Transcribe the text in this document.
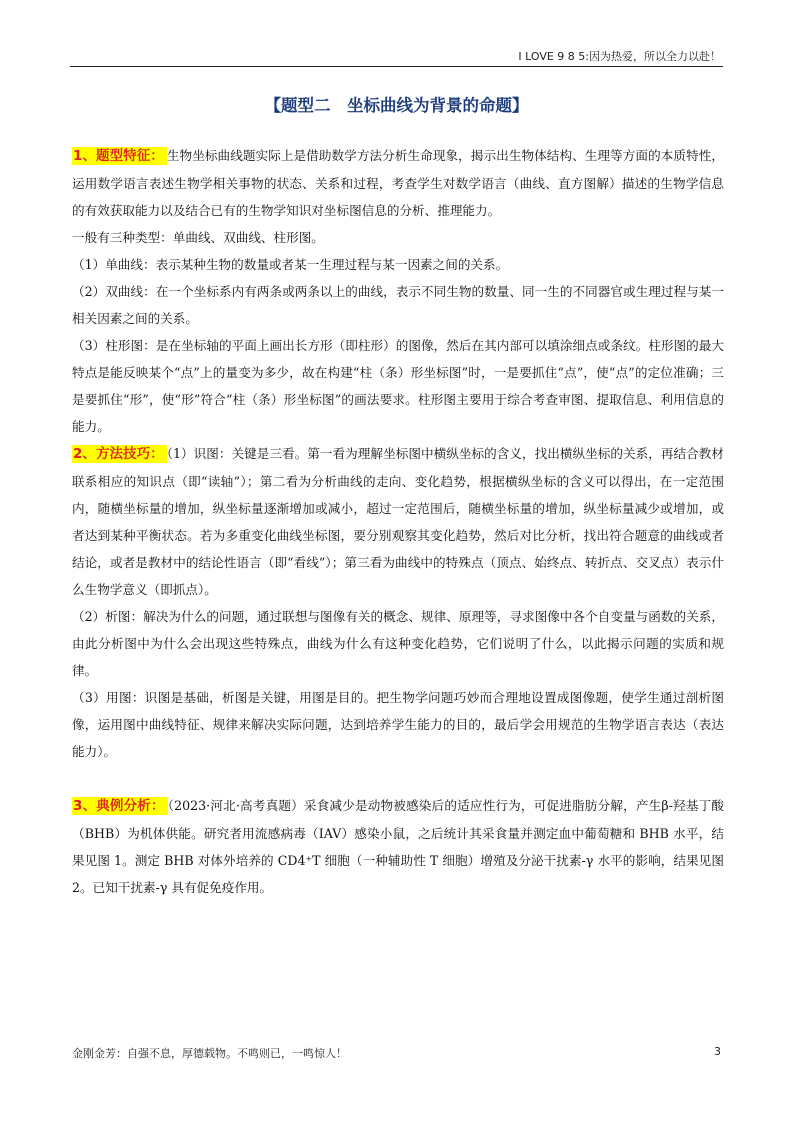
I LOVE 9 8 5:因为热爱，所以全力以赴！
【题型二　坐标曲线为背景的命题】

1、题型特征： 生物坐标曲线题实际上是借助数学方法分析生命现象，揭示出生物体结构、生理等方面的本质特性，运用数学语言表述生物学相关事物的状态、关系和过程，考查学生对数学语言（曲线、直方图解）描述的生物学信息的有效获取能力以及结合已有的生物学知识对坐标图信息的分析、推理能力。

一般有三种类型：单曲线、双曲线、柱形图。

（1）单曲线：表示某种生物的数量或者某一生理过程与某一因素之间的关系。

（2）双曲线：在一个坐标系内有两条或两条以上的曲线，表示不同生物的数量、同一生的不同器官或生理过程与某一相关因素之间的关系。

（3）柱形图：是在坐标轴的平面上画出长方形（即柱形）的图像，然后在其内部可以填涂细点或条纹。柱形图的最大特点是能反映某个“点”上的量变为多少，故在构建“柱（条）形坐标图”时，一是要抓住“点”，使“点”的定位准确；三是要抓住“形”，使“形”符合“柱（条）形坐标图”的画法要求。柱形图主要用于综合考查审图、提取信息、利用信息的能力。

2、方法技巧： （1）识图：关键是三看。第一看为理解坐标图中横纵坐标的含义，找出横纵坐标的关系，再结合教材联系相应的知识点（即“读轴”）；第二看为分析曲线的走向、变化趋势，根据横纵坐标的含义可以得出，在一定范围内，随横坐标量的增加，纵坐标量逐渐增加或减小，超过一定范围后，随横坐标量的增加，纵坐标量减少或增加，或者达到某种平衡状态。若为多重变化曲线坐标图，要分别观察其变化趋势，然后对比分析，找出符合题意的曲线或者结论，或者是教材中的结论性语言（即“看线”）；第三看为曲线中的特殊点（顶点、始终点、转折点、交叉点）表示什么生物学意义（即抓点）。

（2）析图：解决为什么的问题，通过联想与图像有关的概念、规律、原理等，寻求图像中各个自变量与函数的关系，由此分析图中为什么会出现这些特殊点，曲线为什么有这种变化趋势，它们说明了什么，以此揭示问题的实质和规律。

（3）用图：识图是基础，析图是关键，用图是目的。把生物学问题巧妙而合理地设置成图像题，使学生通过剖析图像，运用图中曲线特征、规律来解决实际问题，达到培养学生能力的目的，最后学会用规范的生物学语言表达（表达能力）。

3、典例分析： （2023·河北·高考真题）采食减少是动物被感染后的适应性行为，可促进脂肪分解，产生β-羟基丁酸（BHB）为机体供能。研究者用流感病毒（IAV）感染小鼠，之后统计其采食量并测定血中葡萄糖和 BHB 水平，结果见图 1。测定 BHB 对体外培养的 CD4⁺T 细胞（一种辅助性 T 细胞）增殖及分泌干扰素-γ 水平的影响，结果见图 2。已知干扰素-γ 具有促免疫作用。

金刚金芳：自强不息，厚德载物。不鸣则已，一鸣惊人！	3
